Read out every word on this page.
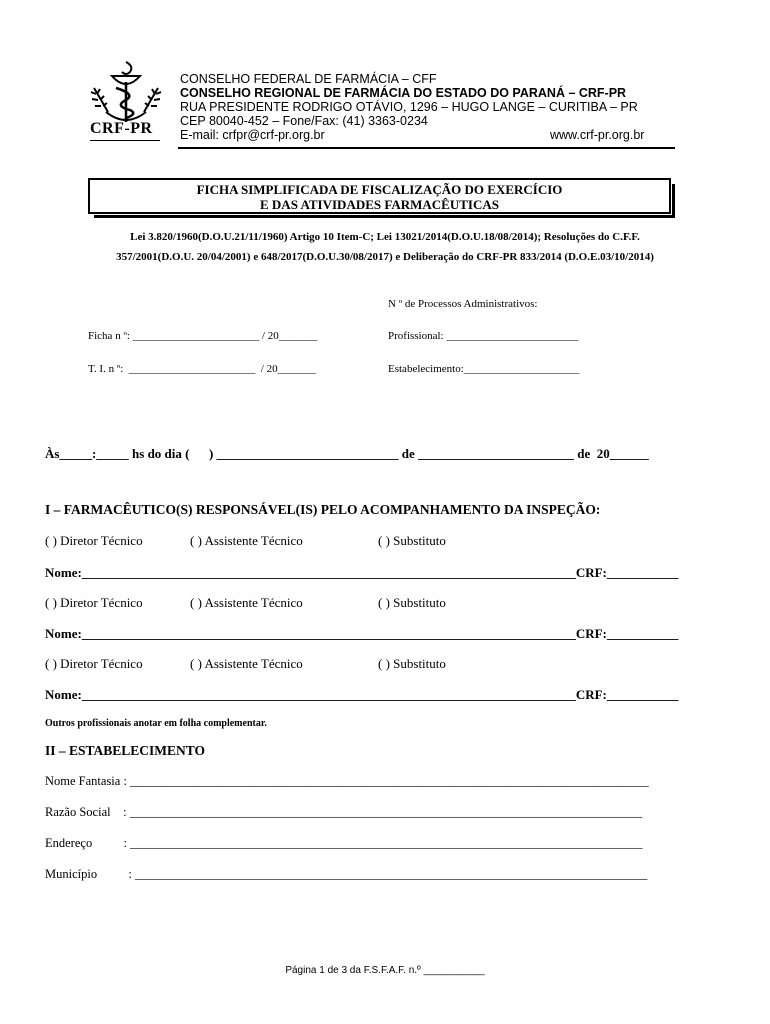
CRF-PR
CONSELHO FEDERAL DE FARMÁCIA – CFF
CONSELHO REGIONAL DE FARMÁCIA DO ESTADO DO PARANÁ – CRF-PR
RUA PRESIDENTE RODRIGO OTÁVIO, 1296 – HUGO LANGE – CURITIBA – PR
CEP 80040-452 – Fone/Fax: (41) 3363-0234
E-mail: crfpr@crf-pr.org.br	www.crf-pr.org.br
FICHA SIMPLIFICADA DE FISCALIZAÇÃO DO EXERCÍCIO
E DAS ATIVIDADES FARMACÊUTICAS
Lei 3.820/1960(D.O.U.21/11/1960) Artigo 10 Item-C; Lei 13021/2014(D.O.U.18/08/2014); Resoluções do C.F.F.
357/2001(D.O.U. 20/04/2001) e 648/2017(D.O.U.30/08/2017) e Deliberação do CRF-PR 833/2014 (D.O.E.03/10/2014)
N º de Processos Administrativos:
Ficha n º: _______________________ / 20_______	Profissional: ________________________
T. I. n º:  _______________________  / 20_______	Estabelecimento:_____________________
Às_____:_____ hs do dia (      ) ____________________________ de ________________________ de  20______
I – FARMACÊUTICO(S) RESPONSÁVEL(IS) PELO ACOMPANHAMENTO DA INSPEÇÃO:
( ) Diretor Técnico	( ) Assistente Técnico	( ) Substituto
Nome:____________________________________________________________________________CRF:___________
( ) Diretor Técnico	( ) Assistente Técnico	( ) Substituto
Nome:____________________________________________________________________________CRF:___________
( ) Diretor Técnico	( ) Assistente Técnico	( ) Substituto
Nome:____________________________________________________________________________CRF:___________
Outros profissionais anotar em folha complementar.
II – ESTABELECIMENTO
Nome Fantasia : ___________________________________________________________________________________
Razão Social    : __________________________________________________________________________________
Endereço          : __________________________________________________________________________________
Município          : __________________________________________________________________________________
Página 1 de 3 da F.S.F.A.F. n.º ___________
